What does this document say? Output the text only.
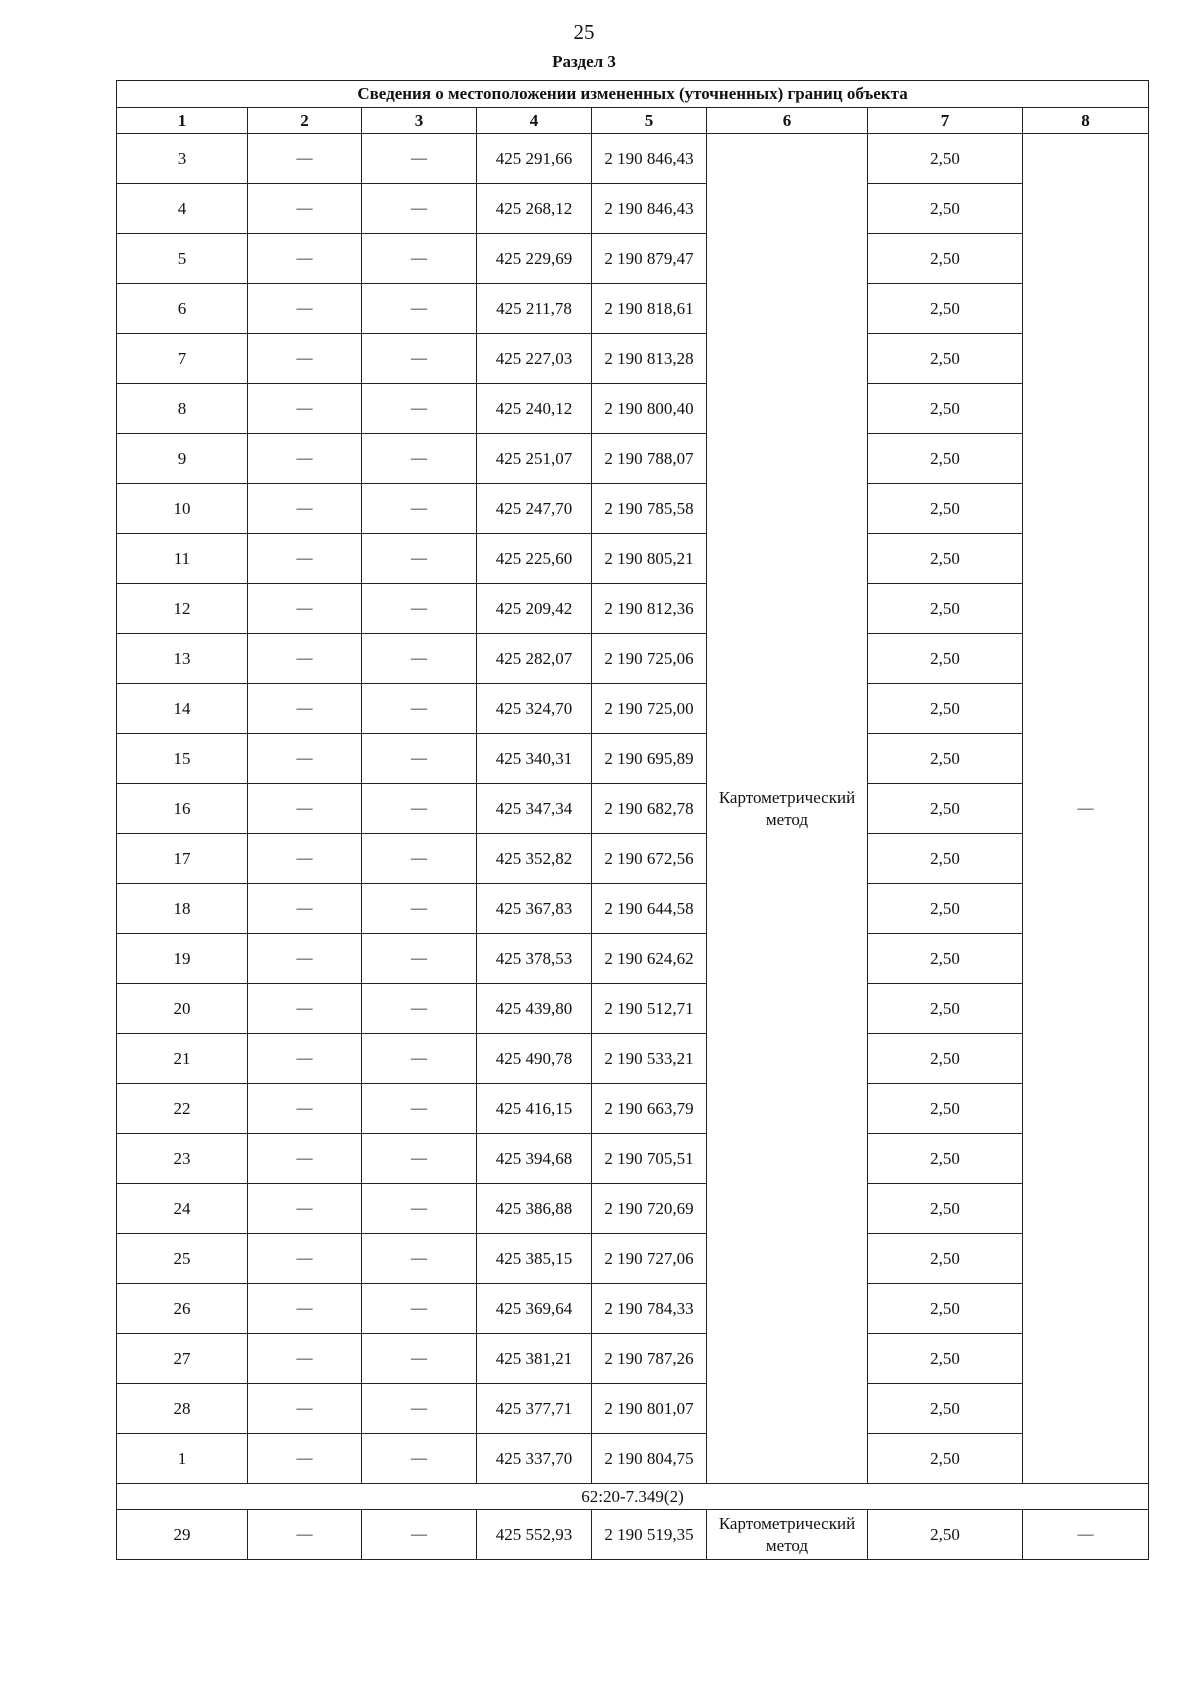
25
Раздел 3
Сведения о местоположении измененных (уточненных) границ объекта							
1	2	3	4	5	6	7	8
3	—	—	425 291,66	2 190 846,43	Картометрический метод	2,50	—
4	—	—	425 268,12	2 190 846,43		2,50	
5	—	—	425 229,69	2 190 879,47		2,50	
6	—	—	425 211,78	2 190 818,61		2,50	
7	—	—	425 227,03	2 190 813,28		2,50	
8	—	—	425 240,12	2 190 800,40		2,50	
9	—	—	425 251,07	2 190 788,07		2,50	
10	—	—	425 247,70	2 190 785,58		2,50	
11	—	—	425 225,60	2 190 805,21		2,50	
12	—	—	425 209,42	2 190 812,36		2,50	
13	—	—	425 282,07	2 190 725,06		2,50	
14	—	—	425 324,70	2 190 725,00		2,50	
15	—	—	425 340,31	2 190 695,89		2,50	
16	—	—	425 347,34	2 190 682,78		2,50	
17	—	—	425 352,82	2 190 672,56		2,50	
18	—	—	425 367,83	2 190 644,58		2,50	
19	—	—	425 378,53	2 190 624,62		2,50	
20	—	—	425 439,80	2 190 512,71		2,50	
21	—	—	425 490,78	2 190 533,21		2,50	
22	—	—	425 416,15	2 190 663,79		2,50	
23	—	—	425 394,68	2 190 705,51		2,50	
24	—	—	425 386,88	2 190 720,69		2,50	
25	—	—	425 385,15	2 190 727,06		2,50	
26	—	—	425 369,64	2 190 784,33		2,50	
27	—	—	425 381,21	2 190 787,26		2,50	
28	—	—	425 377,71	2 190 801,07		2,50	
1	—	—	425 337,70	2 190 804,75		2,50	
62:20-7.349(2)							
29	—	—	425 552,93	2 190 519,35	Картометрический метод	2,50	—
